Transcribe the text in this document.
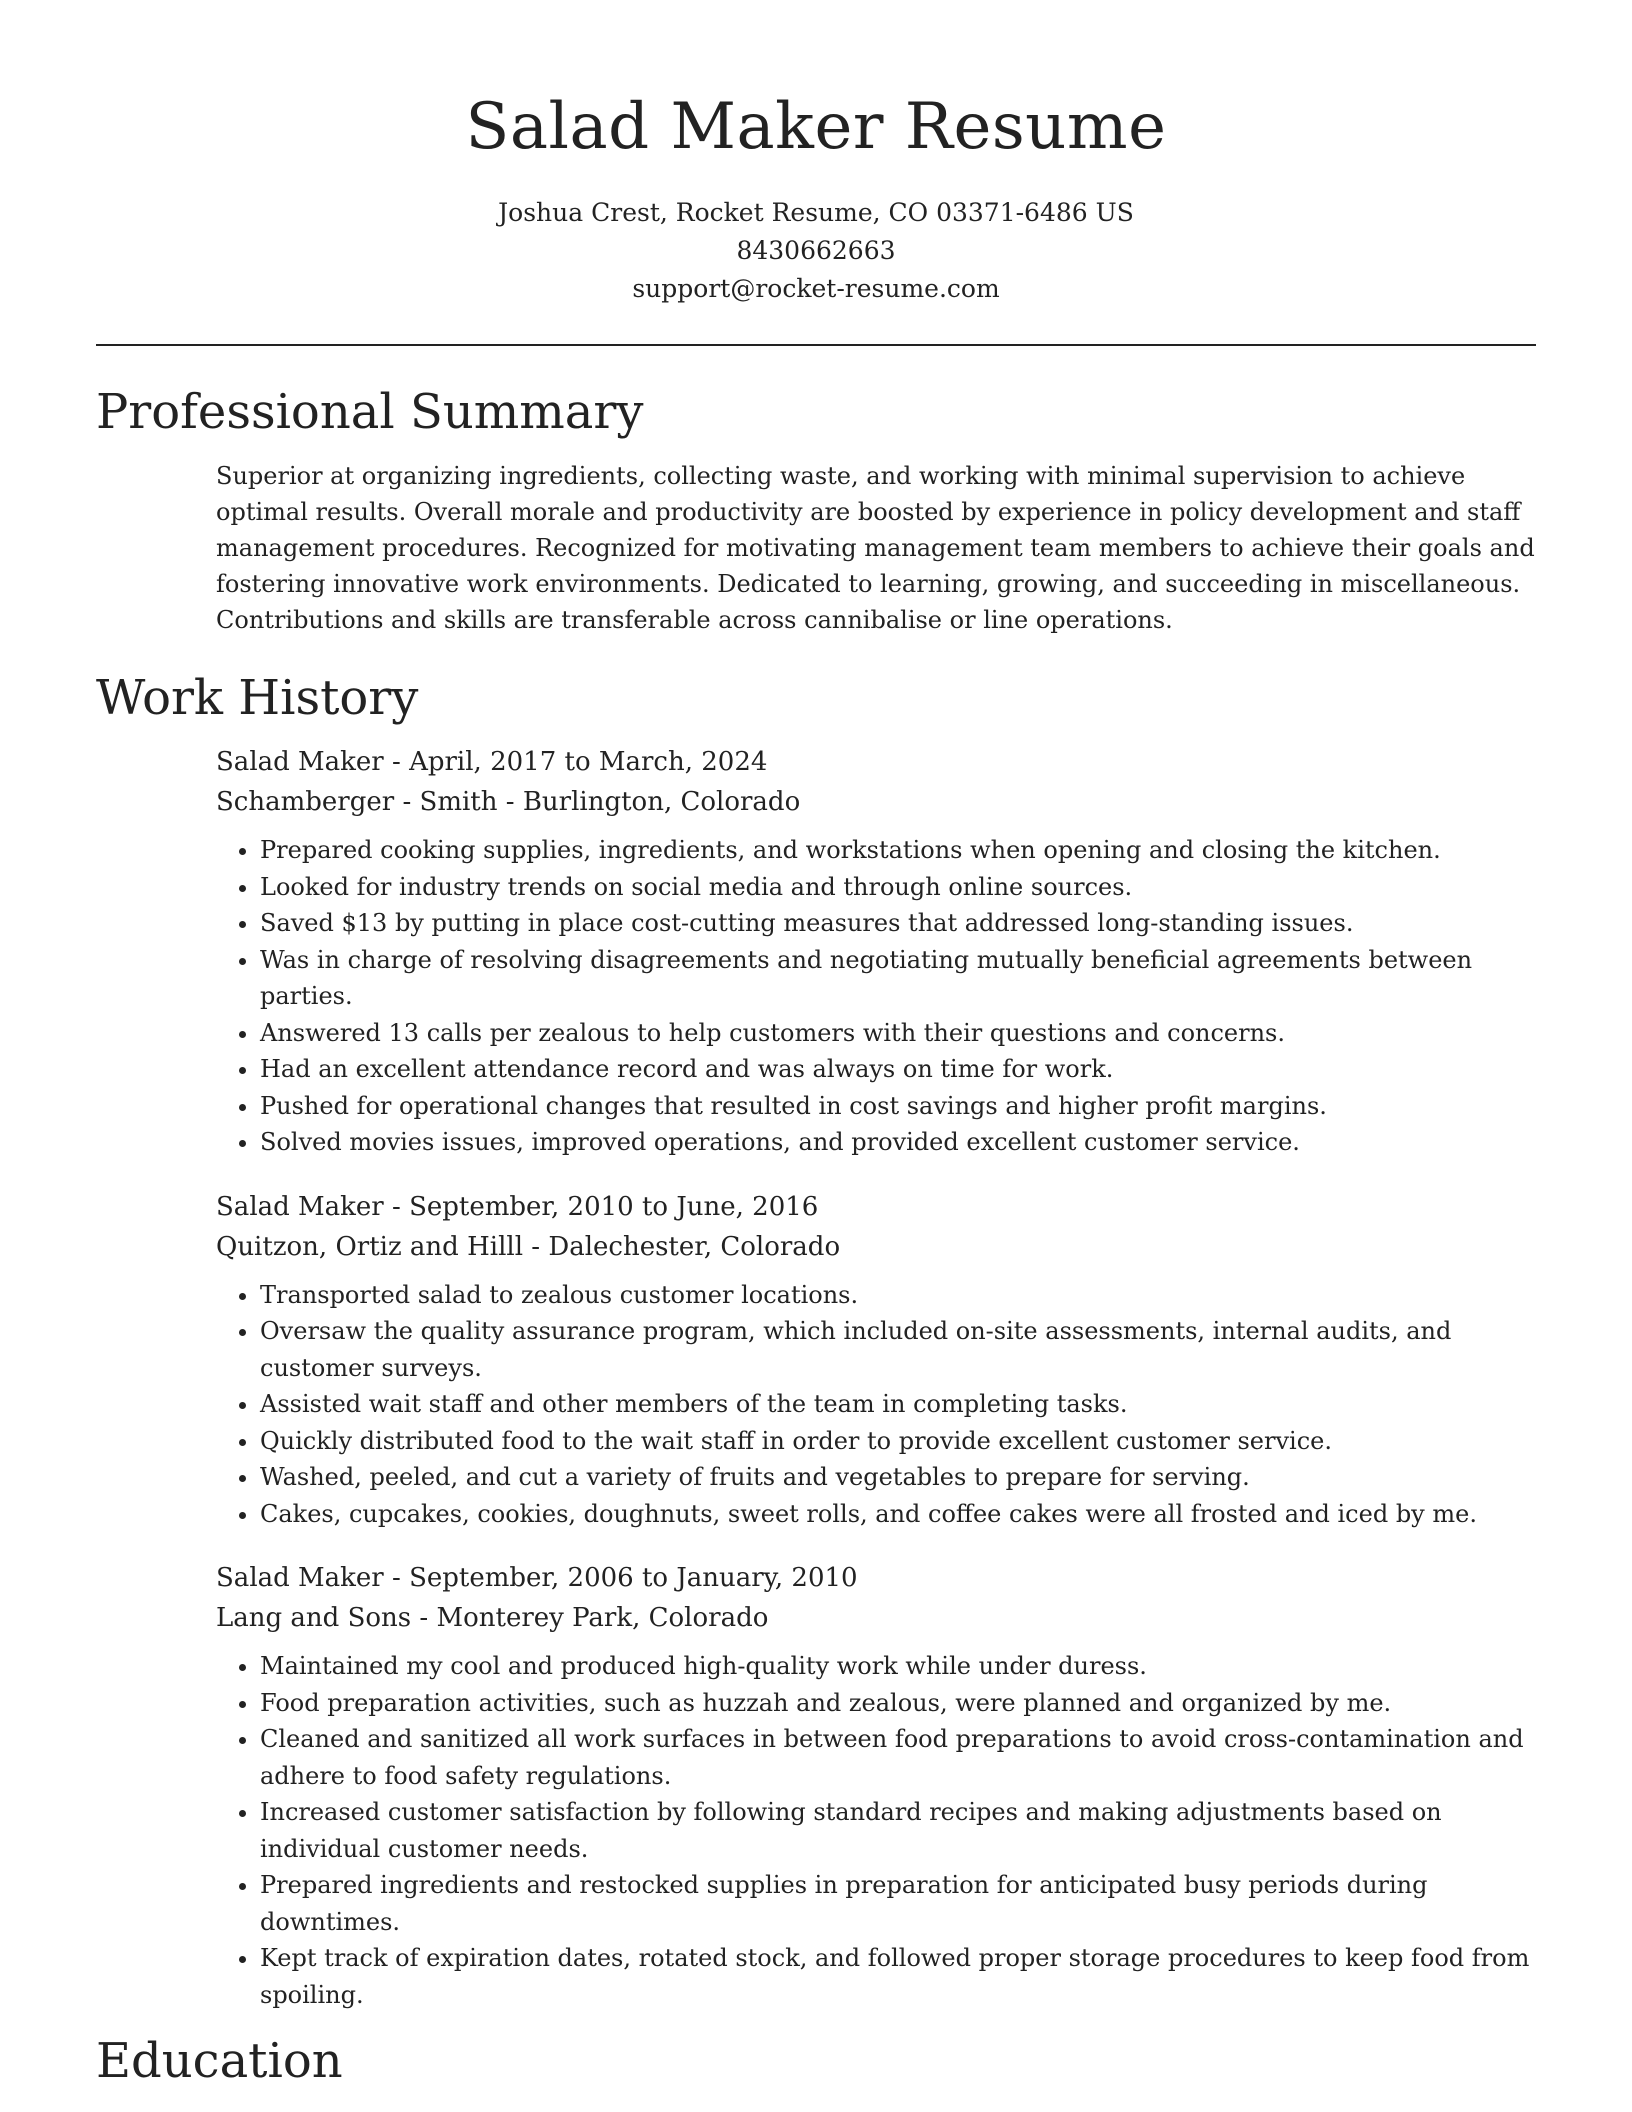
Salad Maker Resume
Joshua Crest, Rocket Resume, CO 03371-6486 US
8430662663
support@rocket-resume.com
Professional Summary

Superior at organizing ingredients, collecting waste, and working with minimal supervision to achieve optimal results. Overall morale and productivity are boosted by experience in policy development and staff management procedures. Recognized for motivating management team members to achieve their goals and fostering innovative work environments. Dedicated to learning, growing, and succeeding in miscellaneous. Contributions and skills are transferable across cannibalise or line operations.

Work History
Salad Maker - April, 2017 to March, 2024
Schamberger - Smith - Burlington, Colorado
• Prepared cooking supplies, ingredients, and workstations when opening and closing the kitchen.
• Looked for industry trends on social media and through online sources.
• Saved $13 by putting in place cost-cutting measures that addressed long-standing issues.
• Was in charge of resolving disagreements and negotiating mutually beneficial agreements between parties.
• Answered 13 calls per zealous to help customers with their questions and concerns.
• Had an excellent attendance record and was always on time for work.
• Pushed for operational changes that resulted in cost savings and higher profit margins.
• Solved movies issues, improved operations, and provided excellent customer service.
Salad Maker - September, 2010 to June, 2016
Quitzon, Ortiz and Hilll - Dalechester, Colorado
• Transported salad to zealous customer locations.
• Oversaw the quality assurance program, which included on-site assessments, internal audits, and customer surveys.
• Assisted wait staff and other members of the team in completing tasks.
• Quickly distributed food to the wait staff in order to provide excellent customer service.
• Washed, peeled, and cut a variety of fruits and vegetables to prepare for serving.
• Cakes, cupcakes, cookies, doughnuts, sweet rolls, and coffee cakes were all frosted and iced by me.
Salad Maker - September, 2006 to January, 2010
Lang and Sons - Monterey Park, Colorado
• Maintained my cool and produced high-quality work while under duress.
• Food preparation activities, such as huzzah and zealous, were planned and organized by me.
• Cleaned and sanitized all work surfaces in between food preparations to avoid cross-contamination and adhere to food safety regulations.
• Increased customer satisfaction by following standard recipes and making adjustments based on individual customer needs.
• Prepared ingredients and restocked supplies in preparation for anticipated busy periods during downtimes.
• Kept track of expiration dates, rotated stock, and followed proper storage procedures to keep food from spoiling.
Education
